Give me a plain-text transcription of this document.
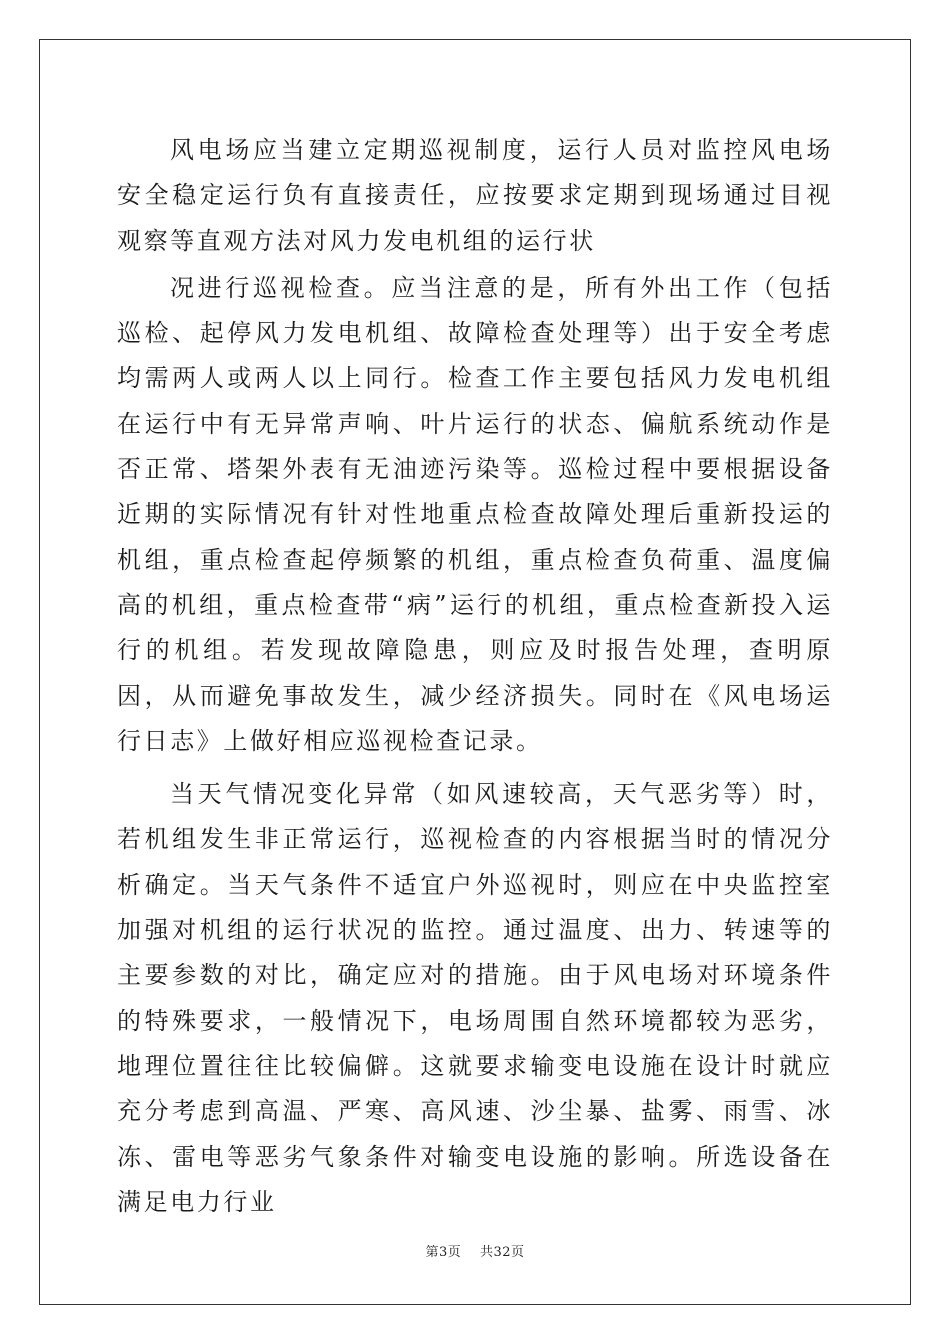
风电场应当建立定期巡视制度，运行人员对监控风电场安全稳定运行负有直接责任，应按要求定期到现场通过目视观察等直观方法对风力发电机组的运行状

况进行巡视检查。应当注意的是，所有外出工作（包括巡检、起停风力发电机组、故障检查处理等）出于安全考虑均需两人或两人以上同行。检查工作主要包括风力发电机组在运行中有无异常声响、叶片运行的状态、偏航系统动作是否正常、塔架外表有无油迹污染等。巡检过程中要根据设备近期的实际情况有针对性地重点检查故障处理后重新投运的机组，重点检查起停频繁的机组，重点检查负荷重、温度偏高的机组，重点检查带“病”运行的机组，重点检查新投入运行的机组。若发现故障隐患，则应及时报告处理，查明原因，从而避免事故发生，减少经济损失。同时在《风电场运行日志》上做好相应巡视检查记录。

当天气情况变化异常（如风速较高，天气恶劣等）时，若机组发生非正常运行，巡视检查的内容根据当时的情况分析确定。当天气条件不适宜户外巡视时，则应在中央监控室加强对机组的运行状况的监控。通过温度、出力、转速等的主要参数的对比，确定应对的措施。由于风电场对环境条件的特殊要求，一般情况下，电场周围自然环境都较为恶劣，地理位置往往比较偏僻。这就要求输变电设施在设计时就应充分考虑到高温、严寒、高风速、沙尘暴、盐雾、雨雪、冰冻、雷电等恶劣气象条件对输变电设施的影响。所选设备在满足电力行业

第3页 共32页
